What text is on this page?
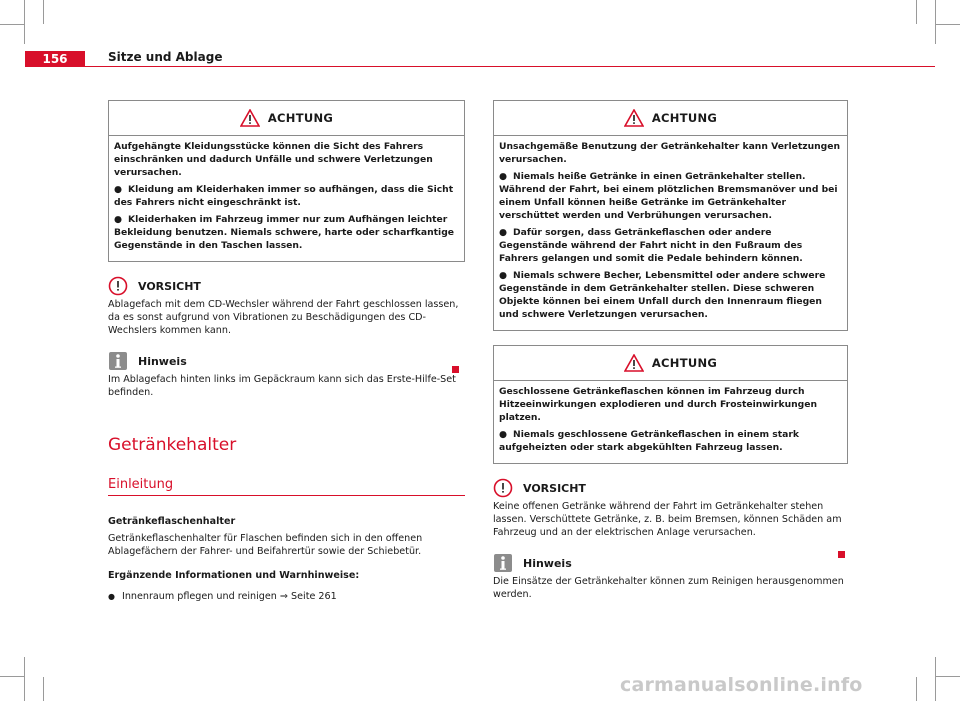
156	Sitze und Ablage
ACHTUNG

Aufgehängte Kleidungsstücke können die Sicht des Fahrers einschränken und dadurch Unfälle und schwere Verletzungen verursachen.

● Kleidung am Kleiderhaken immer so aufhängen, dass die Sicht des Fahrers nicht eingeschränkt ist.

● Kleiderhaken im Fahrzeug immer nur zum Aufhängen leichter Bekleidung benutzen. Niemals schwere, harte oder scharfkantige Gegenstände in den Taschen lassen.

VORSICHT
Ablagefach mit dem CD-Wechsler während der Fahrt geschlossen lassen, da es sonst aufgrund von Vibrationen zu Beschädigungen des CD-Wechslers kommen kann.
Hinweis
Im Ablagefach hinten links im Gepäckraum kann sich das Erste-Hilfe-Set befinden.
Getränkehalter
Einleitung
Getränkeflaschenhalter
Getränkeflaschenhalter für Flaschen befinden sich in den offenen Ablagefächern der Fahrer- und Beifahrertür sowie der Schiebetür.
Ergänzende Informationen und Warnhinweise:
● Innenraum pflegen und reinigen ⇒ Seite 261
ACHTUNG

Unsachgemäße Benutzung der Getränkehalter kann Verletzungen verursachen.

● Niemals heiße Getränke in einen Getränkehalter stellen. Während der Fahrt, bei einem plötzlichen Bremsmanöver und bei einem Unfall können heiße Getränke im Getränkehalter verschüttet werden und Verbrühungen verursachen.

● Dafür sorgen, dass Getränkeflaschen oder andere Gegenstände während der Fahrt nicht in den Fußraum des Fahrers gelangen und somit die Pedale behindern können.

● Niemals schwere Becher, Lebensmittel oder andere schwere Gegenstände in dem Getränkehalter stellen. Diese schweren Objekte können bei einem Unfall durch den Innenraum fliegen und schwere Verletzungen verursachen.

ACHTUNG

Geschlossene Getränkeflaschen können im Fahrzeug durch Hitzeeinwirkungen explodieren und durch Frosteinwirkungen platzen.

● Niemals geschlossene Getränkeflaschen in einem stark aufgeheizten oder stark abgekühlten Fahrzeug lassen.

VORSICHT
Keine offenen Getränke während der Fahrt im Getränkehalter stehen lassen. Verschüttete Getränke, z. B. beim Bremsen, können Schäden am Fahrzeug und an der elektrischen Anlage verursachen.
Hinweis
Die Einsätze der Getränkehalter können zum Reinigen herausgenommen werden.
carmanualsonline.info
